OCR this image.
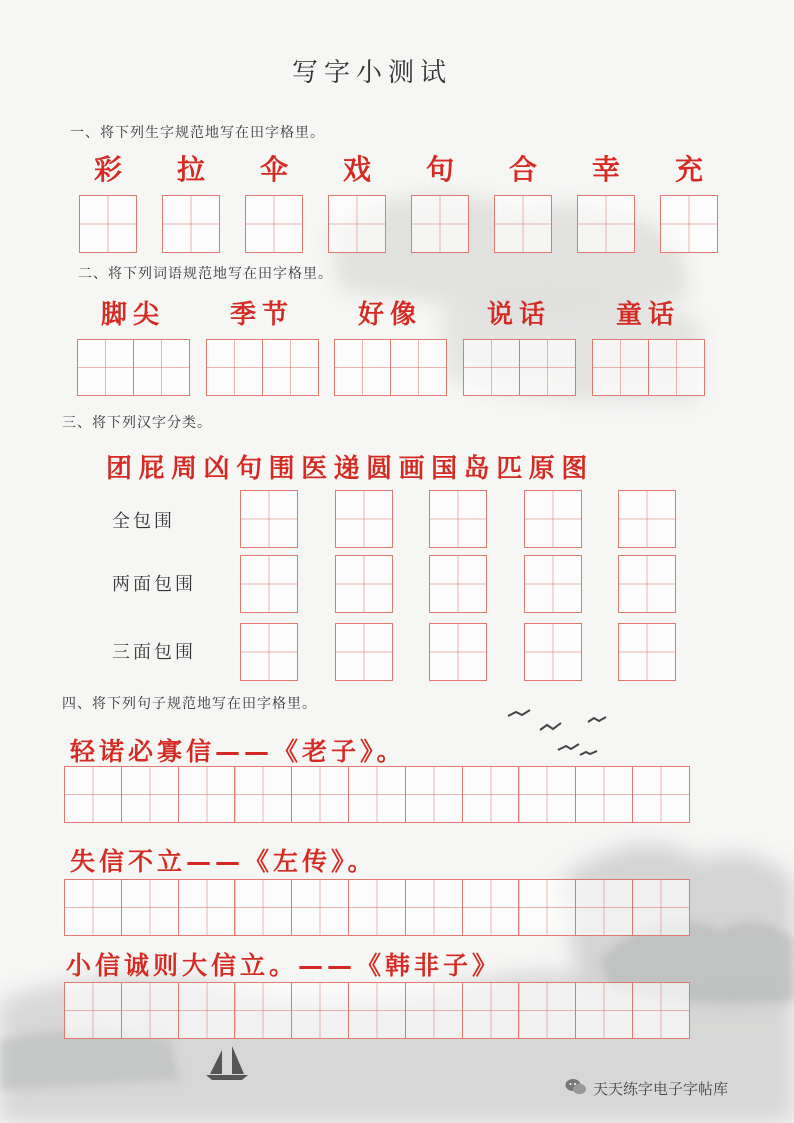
写字小测试
一、将下列生字规范地写在田字格里。
彩	拉	伞	戏	句	合	幸	充
二、将下列词语规范地写在田字格里。
脚尖	季节	好像	说话	童话
三、将下列汉字分类。
团屁周凶句围医递圆画国岛匹原图
全包围
两面包围
三面包围
四、将下列句子规范地写在田字格里。
轻诺必寡信——《老子》。
失信不立——《左传》。
小信诚则大信立。——《韩非子》
天天练字电子字帖库
